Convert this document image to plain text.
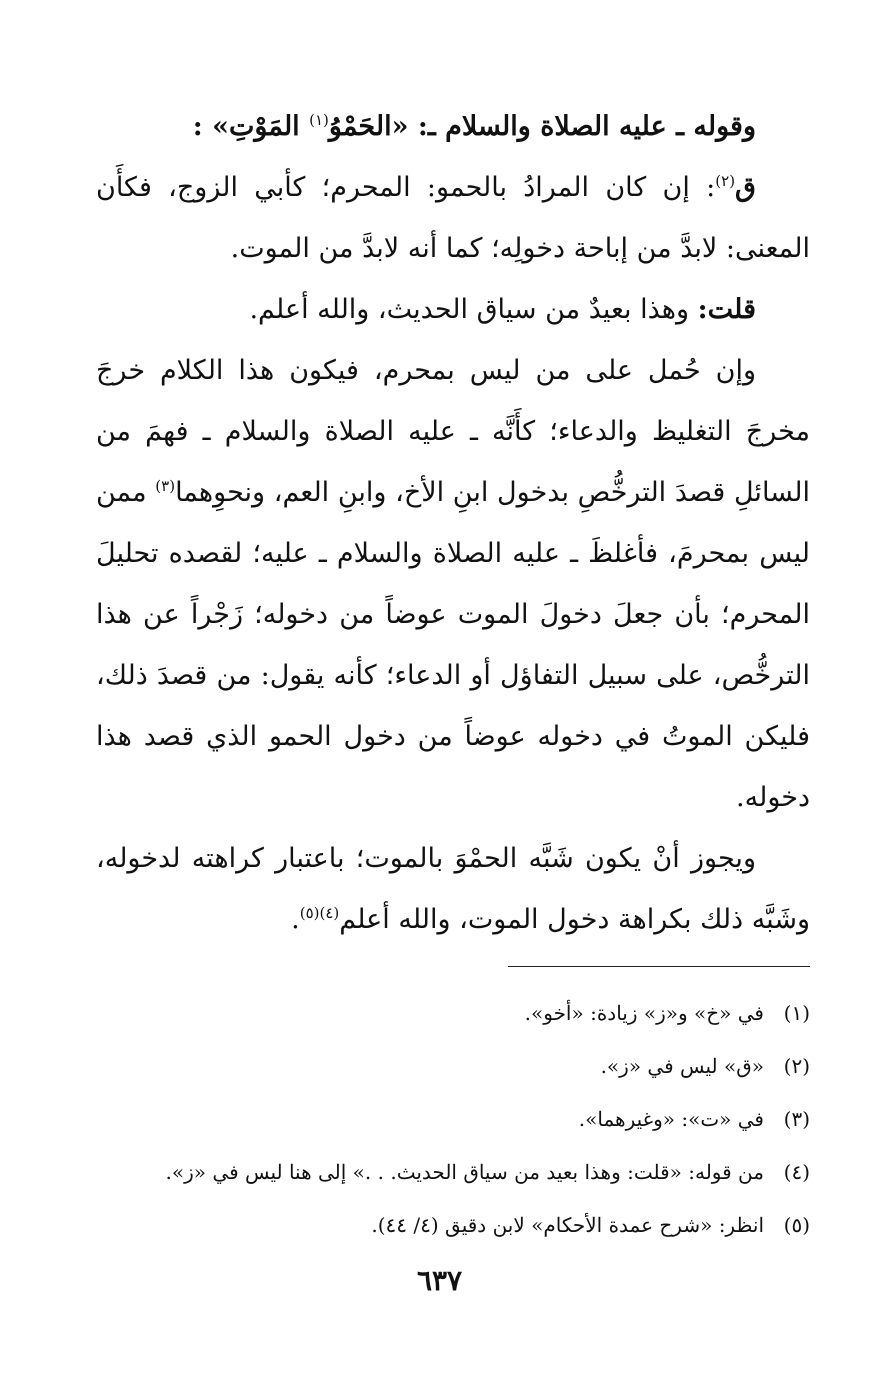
وقوله ـ عليه الصلاة والسلام ـ: «الحَمْوُ$^{(١)}$ المَوْتِ» :

ق$^{(٢)}$: إن كان المرادُ بالحمو: المحرم؛ كأبي الزوج، فكأَن المعنى: لابدَّ من إباحة دخولِه؛ كما أنه لابدَّ من الموت.

قلت: وهذا بعيدٌ من سياق الحديث، والله أعلم.

وإن حُمل على من ليس بمحرم، فيكون هذا الكلام خرجَ مخرجَ التغليظ والدعاء؛ كأَنَّه ـ عليه الصلاة والسلام ـ فهمَ من السائلِ قصدَ الترخُّصِ بدخول ابنِ الأخ، وابنِ العم، ونحوِهما$^{(٣)}$ ممن ليس بمحرمَ، فأغلظَ ـ عليه الصلاة والسلام ـ عليه؛ لقصده تحليلَ المحرم؛ بأن جعلَ دخولَ الموت عوضاً من دخوله؛ زَجْراً عن هذا الترخُّص، على سبيل التفاؤل أو الدعاء؛ كأنه يقول: من قصدَ ذلك، فليكن الموتُ في دخوله عوضاً من دخول الحمو الذي قصد هذا دخوله.

ويجوز أنْ يكون شَبَّه الحمْوَ بالموت؛ باعتبار كراهته لدخوله، وشَبَّه ذلك بكراهة دخول الموت، والله أعلم$^{(٤)(٥)}$.

(١)
في «خ» و«ز» زيادة: «أخو».
(٢)
«ق» ليس في «ز».
(٣)
في «ت»: «وغيرهما».
(٤)
من قوله: «قلت: وهذا بعيد من سياق الحديث. . .» إلى هنا ليس في «ز».
(٥)
انظر: «شرح عمدة الأحكام» لابن دقيق (٤/ ٤٤).
٦٣٧
